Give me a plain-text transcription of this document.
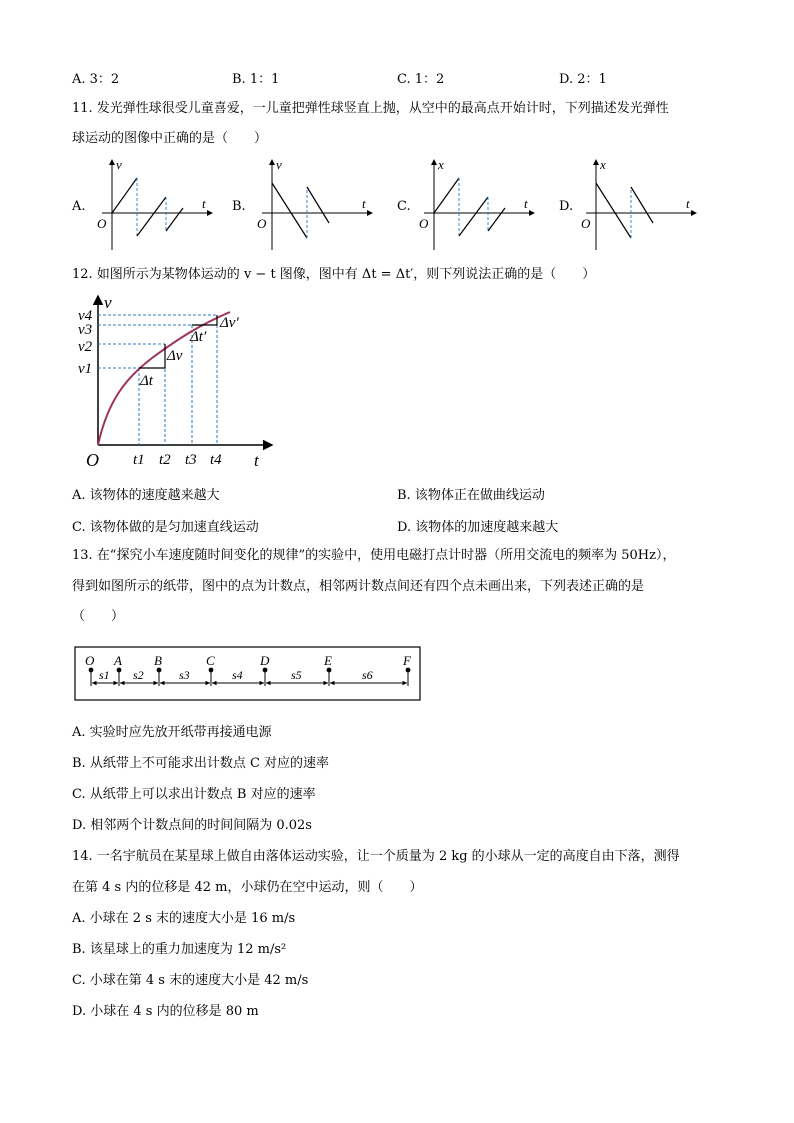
A. 3：2	B. 1：1	C. 1：2	D. 2：1
11. 发光弹性球很受儿童喜爱，一儿童把弹性球竖直上抛，从空中的最高点开始计时，下列描述发光弹性
球运动的图像中正确的是（　　）
A.	B.	C.	D.
v
t
O
v
t
O
x
t
O
x
t
O
12. 如图所示为某物体运动的 v − t 图像，图中有 Δt = Δt′，则下列说法正确的是（　　）
v
t
O
v4
v3
v2
v1
t1 t2 t3 t4
Δv′
Δt′
Δv
Δt
A. 该物体的速度越来越大	B. 该物体正在做曲线运动
C. 该物体做的是匀加速直线运动	D. 该物体的加速度越来越大
13. 在“探究小车速度随时间变化的规律”的实验中，使用电磁打点计时器（所用交流电的频率为 50Hz），
得到如图所示的纸带，图中的点为计数点，相邻两计数点间还有四个点未画出来，下列表述正确的是
（　　）
O A B	C	D	E	F
s1 s2	s3	s4	s5	s6
A. 实验时应先放开纸带再接通电源
B. 从纸带上不可能求出计数点 C 对应的速率
C. 从纸带上可以求出计数点 B 对应的速率
D. 相邻两个计数点间的时间间隔为 0.02s
14. 一名宇航员在某星球上做自由落体运动实验，让一个质量为 2 kg 的小球从一定的高度自由下落，测得
在第 4 s 内的位移是 42 m，小球仍在空中运动，则（　　）
A. 小球在 2 s 末的速度大小是 16 m/s
B. 该星球上的重力加速度为 12 m/s²
C. 小球在第 4 s 末的速度大小是 42 m/s
D. 小球在 4 s 内的位移是 80 m
